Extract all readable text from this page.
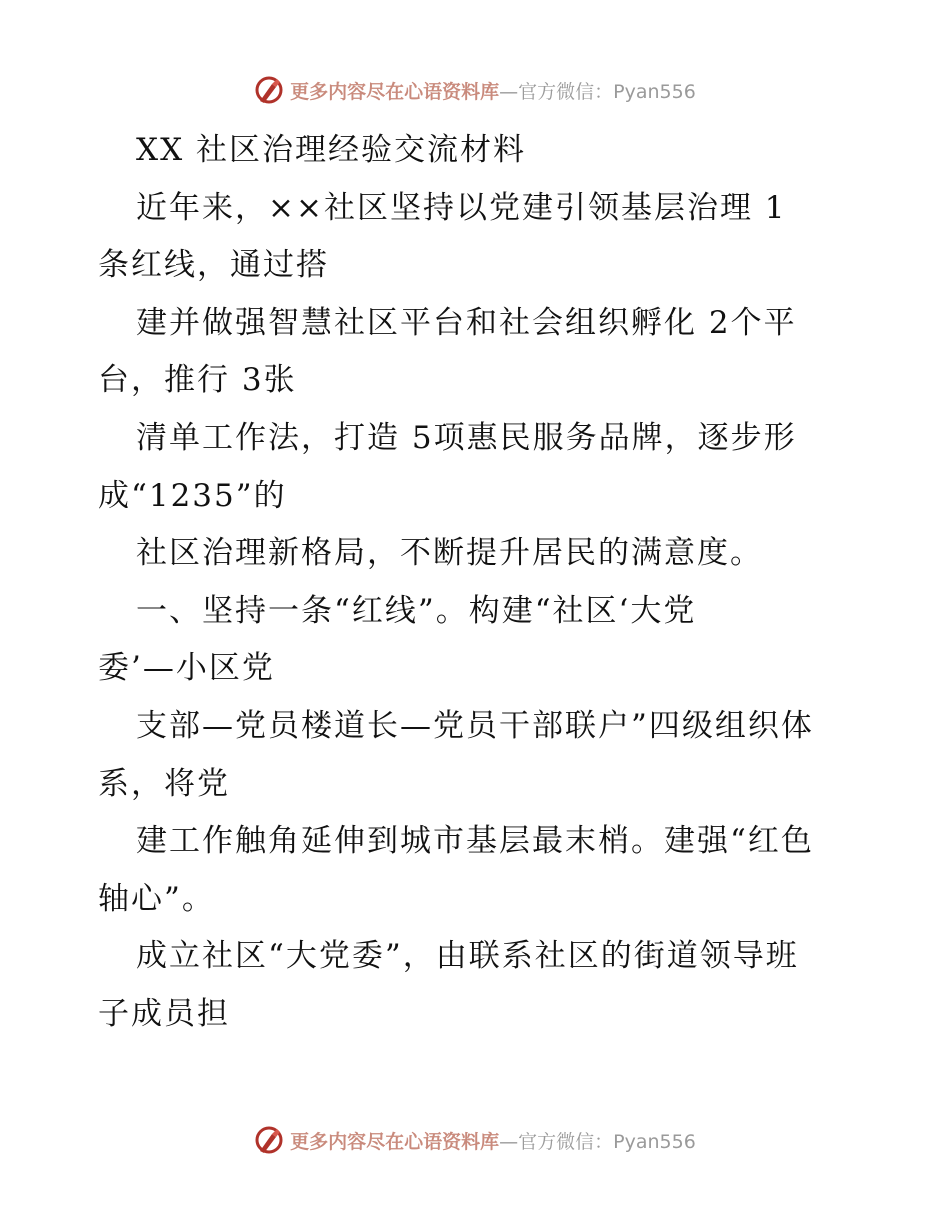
更多内容尽在心语资料库 —官方微信：Pyan556
XX 社区治理经验交流材料
近年来，××社区坚持以党建引领基层治理 1
条红线，通过搭
建并做强智慧社区平台和社会组织孵化 2个平
台，推行 3张
清单工作法，打造 5项惠民服务品牌，逐步形
成“1235”的
社区治理新格局，不断提升居民的满意度。
一、坚持一条“红线”。构建“社区‘大党
委’—小区党
支部—党员楼道长—党员干部联户”四级组织体
系，将党
建工作触角延伸到城市基层最末梢。建强“红色
轴心”。
成立社区“大党委”，由联系社区的街道领导班
子成员担
更多内容尽在心语资料库 —官方微信：Pyan556
